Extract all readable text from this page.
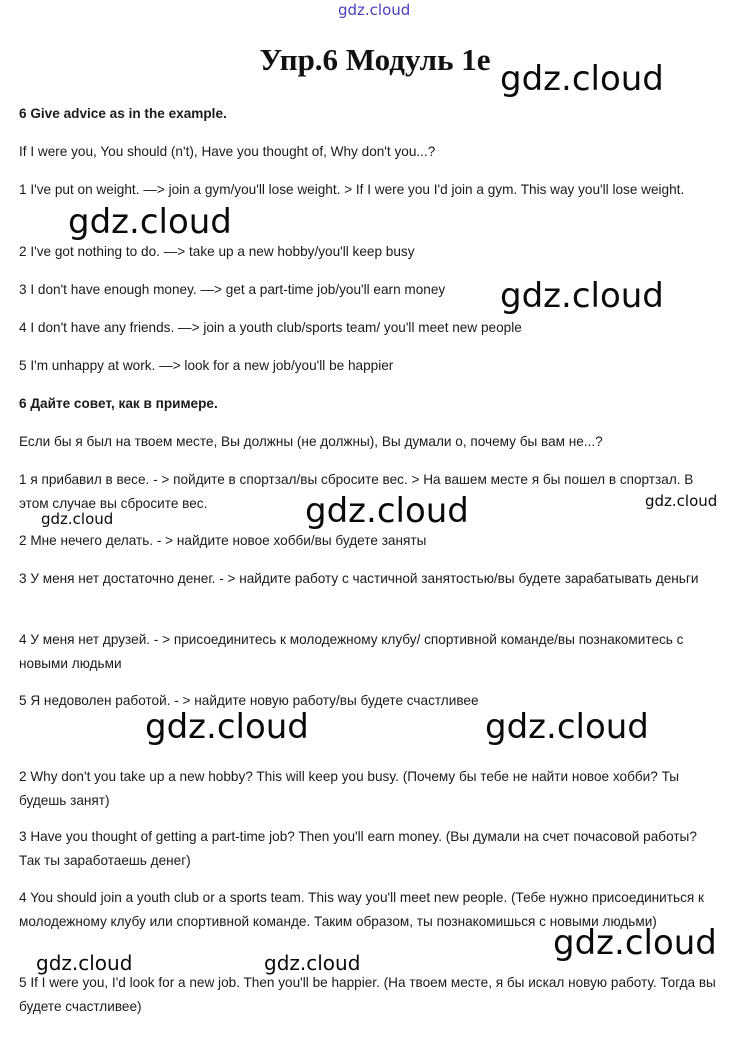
gdz.cloud
Упр.6 Модуль 1е

6 Give advice as in the example.

If I were you, You should (n't), Have you thought of, Why don't you...?

1 I've put on weight. —> join a gym/you'll lose weight. > If I were you I'd join a gym. This way you'll lose weight.

2 I've got nothing to do. —> take up a new hobby/you'll keep busy

3 I don't have enough money. —> get a part-time job/you'll earn money

4 I don't have any friends. —> join a youth club/sports team/ you'll meet new people

5 I'm unhappy at work. —> look for a new job/you'll be happier

6 Дайте совет, как в примере.

Если бы я был на твоем месте, Вы должны (не должны), Вы думали о, почему бы вам не...?

1 я прибавил в весе. - > пойдите в спортзал/вы сбросите вес. > На вашем месте я бы пошел в спортзал. В этом случае вы сбросите вес.

2 Мне нечего делать. - > найдите новое хобби/вы будете заняты

3 У меня нет достаточно денег. - > найдите работу с частичной занятостью/вы будете зарабатывать деньги

4 У меня нет друзей. - > присоединитесь к молодежному клубу/ спортивной команде/вы познакомитесь с новыми людьми

5 Я недоволен работой. - > найдите новую работу/вы будете счастливее

2 Why don't you take up a new hobby? This will keep you busy. (Почему бы тебе не найти новое хобби? Ты будешь занят)

3 Have you thought of getting a part-time job? Then you'll earn money. (Вы думали на счет почасовой работы? Так ты заработаешь денег)

4 You should join a youth club or a sports team. This way you'll meet new people. (Тебе нужно присоединиться к молодежному клубу или спортивной команде. Таким образом, ты познакомишься с новыми людьми)

5 If I were you, I'd look for a new job. Then you'll be happier. (На твоем месте, я бы искал новую работу. Тогда вы будете счастливее)

gdz.cloud
gdz.cloud
gdz.cloud
gdz.cloud	gdz.cloud
gdz.cloud
gdz.cloud	gdz.cloud
gdz.cloud
gdz.cloud	gdz.cloud
